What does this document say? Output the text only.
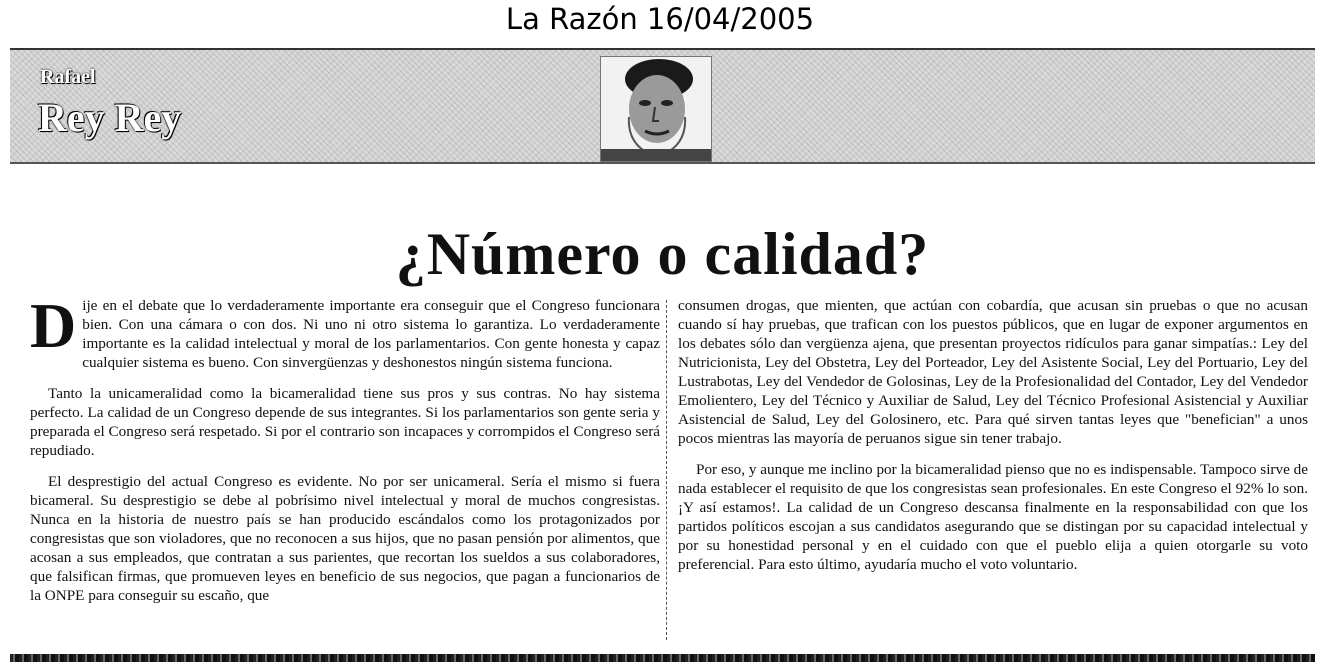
La Razón 16/04/2005
Rafael
Rey Rey
¿Número o calidad?

Dije en el debate que lo verdaderamente importante era conseguir que el Congreso funcionara bien. Con una cámara o con dos. Ni uno ni otro sistema lo garantiza. Lo verdaderamente importante es la calidad intelectual y moral de los parlamentarios. Con gente honesta y capaz cualquier sistema es bueno. Con sinvergüenzas y deshonestos ningún sistema funciona.

Tanto la unicameralidad como la bicameralidad tiene sus pros y sus contras. No hay sistema perfecto. La calidad de un Congreso depende de sus integrantes. Si los parlamentarios son gente seria y preparada el Congreso será respetado. Si por el contrario son incapaces y corrompidos el Congreso será repudiado.

El desprestigio del actual Congreso es evidente. No por ser unicameral. Sería el mismo si fuera bicameral. Su desprestigio se debe al pobrísimo nivel intelectual y moral de muchos congresistas. Nunca en la historia de nuestro país se han producido escándalos como los protagonizados por congresistas que son violadores, que no reconocen a sus hijos, que no pasan pensión por alimentos, que acosan a sus empleados, que contratan a sus parientes, que recortan los sueldos a sus colaboradores, que falsifican firmas, que promueven leyes en beneficio de sus negocios, que pagan a funcionarios de la ONPE para conseguir su escaño, que

consumen drogas, que mienten, que actúan con cobardía, que acusan sin pruebas o que no acusan cuando sí hay pruebas, que trafican con los puestos públicos, que en lugar de exponer argumentos en los debates sólo dan vergüenza ajena, que presentan proyectos ridículos para ganar simpatías.: Ley del Nutricionista, Ley del Obstetra, Ley del Porteador, Ley del Asistente Social, Ley del Portuario, Ley del Lustrabotas, Ley del Vendedor de Golosinas, Ley de la Profesionalidad del Contador, Ley del Vendedor Emolientero, Ley del Técnico y Auxiliar de Salud, Ley del Técnico Profesional Asistencial y Auxiliar Asistencial de Salud, Ley del Golosinero, etc. Para qué sirven tantas leyes que "benefician" a unos pocos mientras las mayoría de peruanos sigue sin tener trabajo.

Por eso, y aunque me inclino por la bicameralidad pienso que no es indispensable. Tampoco sirve de nada establecer el requisito de que los congresistas sean profesionales. En este Congreso el 92% lo son. ¡Y así estamos!. La calidad de un Congreso descansa finalmente en la responsabilidad con que los partidos políticos escojan a sus candidatos asegurando que se distingan por su capacidad intelectual y por su honestidad personal y en el cuidado con que el pueblo elija a quien otorgarle su voto preferencial. Para esto último, ayudaría mucho el voto voluntario.
